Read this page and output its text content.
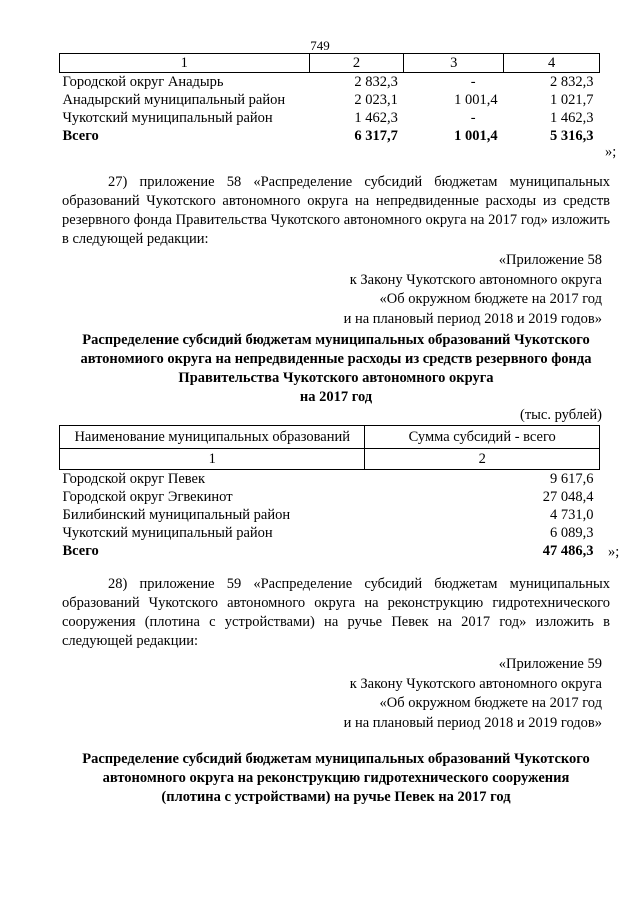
749
1	2	3	4
Городской округ Анадырь	2 832,3	-	2 832,3
Анадырский муниципальный район	2 023,1	1 001,4	1 021,7
Чукотский муниципальный район	1 462,3	-	1 462,3
Всего	6 317,7	1 001,4	5 316,3
»;
27) приложение 58 «Распределение субсидий бюджетам муниципальных образований Чукотского автономного округа на непредвиденные расходы из средств резервного фонда Правительства Чукотского автономного округа на 2017 год» изложить в следующей редакции:
«Приложение 58
к Закону Чукотского автономного округа
«Об окружном бюджете на 2017 год
и на плановый период 2018 и 2019 годов»
Распределение субсидий бюджетам муниципальных образований Чукотского
автономиого округа на непредвиденные расходы из средств резервного фонда
Правительства Чукотского автономного округа
на 2017 год
(тыс. рублей)
Наименование муниципальных образований	Сумма субсидий - всего
1	2
Городской округ Певек	9 617,6
Городской округ Эгвекинот	27 048,4
Билибинский муниципальный район	4 731,0
Чукотский муниципальный район	6 089,3
Всего	47 486,3 »;
28) приложение 59 «Распределение субсидий бюджетам муниципальных образований Чукотского автономного округа на реконструкцию гидротехнического сооружения (плотина с устройствами) на ручье Певек на 2017 год» изложить в следующей редакции:
«Приложение 59
к Закону Чукотского автономного округа
«Об окружном бюджете на 2017 год
и на плановый период 2018 и 2019 годов»
Распределение субсидий бюджетам муниципальных образований Чукотского
автономного округа на реконструкцию гидротехнического сооружения
(плотина с устройствами) на ручье Певек на 2017 год
